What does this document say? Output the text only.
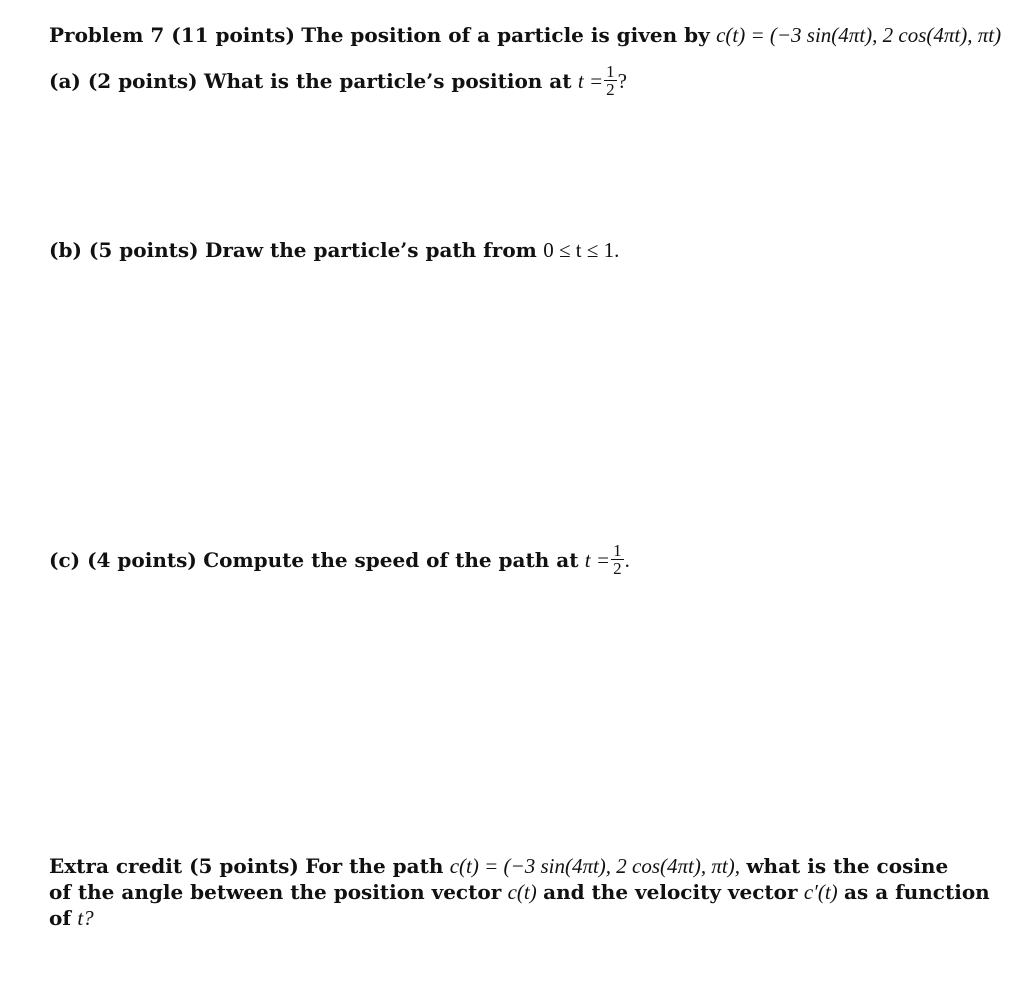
Problem 7 (11 points) The position of a particle is given by c(t) = (−3 sin(4πt), 2 cos(4πt), πt)
(a) (2 points) What is the particle’s position at $t = \frac{1}{2}$ ?
(b) (5 points) Draw the particle’s path from 0 ≤ t ≤ 1.
(c) (4 points) Compute the speed of the path at $t = \frac{1}{2}$ .
Extra credit (5 points) For the path c(t) = (−3 sin(4πt), 2 cos(4πt), πt), what is the cosine
of the angle between the position vector c(t) and the velocity vector c′(t) as a function
of t?
